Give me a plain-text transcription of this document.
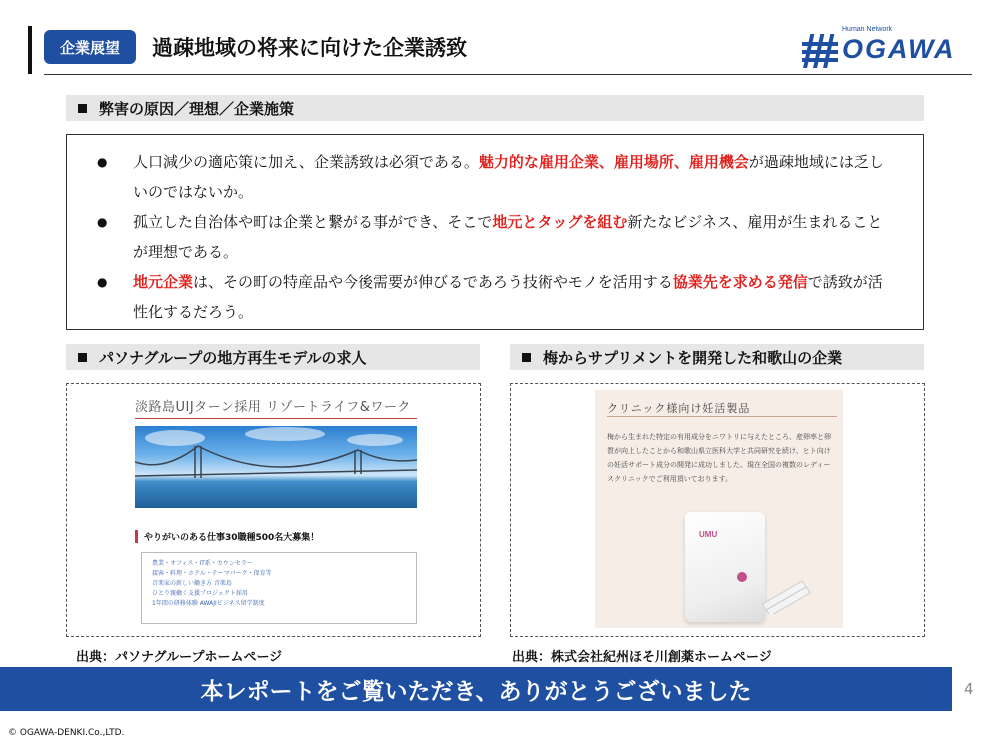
企業展望	過疎地域の将来に向けた企業誘致
Human Network
OGAWA
弊害の原因／理想／企業施策
●	人口減少の適応策に加え、企業誘致は必須である。魅力的な雇用企業、雇用場所、雇用機会が過疎地域には乏しいのではないか。
●	孤立した自治体や町は企業と繋がる事ができ、そこで地元とタッグを組む新たなビジネス、雇用が生まれることが理想である。
●	地元企業は、その町の特産品や今後需要が伸びるであろう技術やモノを活用する協業先を求める発信で誘致が活性化するだろう。
パソナグループの地方再生モデルの求人
淡路島UIJターン採用 リゾートライフ&ワーク
やりがいのある仕事30職種500名大募集！
農業・オフィス・IT系・カウンセラー
接客・料理・ホテル・テーマパーク・保育等
音楽家の新しい働き方 音楽島
ひとり親働く支援プロジェクト採用
1年間の研修体験 AWAJIビジネス留学制度
出典：パソナグループホームページ
梅からサプリメントを開発した和歌山の企業
クリニック様向け妊活製品
梅から生まれた特定の有用成分をニワトリに与えたところ、産卵率と卵質が向上したことから和歌山県立医科大学と共同研究を続け、ヒト向けの妊活サポート成分の開発に成功しました。現在全国の複数のレディースクリニックでご利用頂いております。
UMU
出典：株式会社紀州ほそ川創薬ホームページ
本レポートをご覧いただき、ありがとうございました	4
© OGAWA-DENKI.Co.,LTD.
